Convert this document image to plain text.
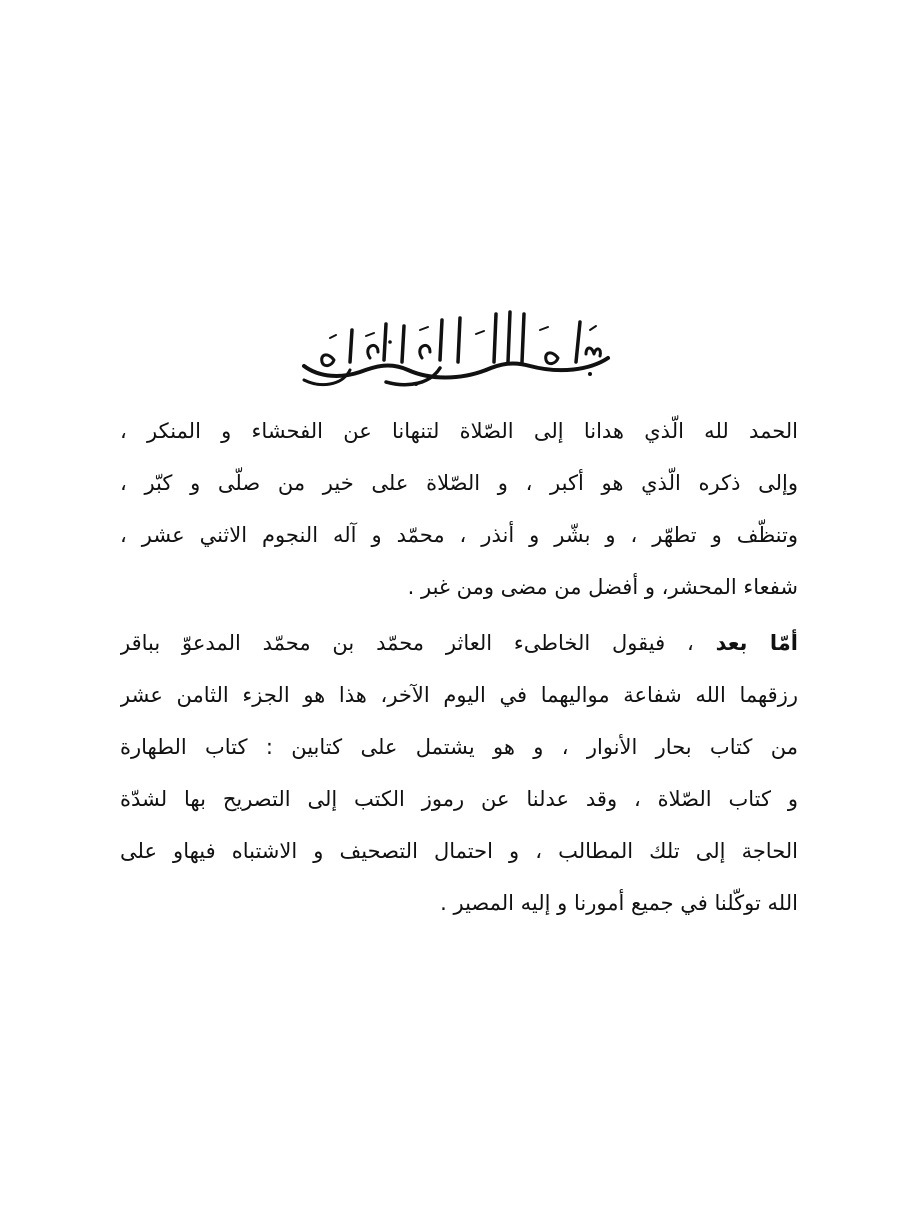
الحمد لله الّذي هدانا إلى الصّلاة لتنهانا عن الفحشاء و المنكر ،
وإلى ذكره الّذي هو أكبر ، و الصّلاة على خير من صلّى و كبّر ،
وتنظّف و تطهّر ، و بشّر و أنذر ، محمّد و آله النجوم الاثني عشر ،
شفعاء المحشر، و أفضل من مضى ومن غبر .
أمّا بعد ، فيقول الخاطىء العاثر محمّد بن محمّد المدعوّ بباقر
رزقهما الله شفاعة مواليهما في اليوم الآخر، هذا هو الجزء الثامن عشر
من كتاب بحار الأنوار ، و هو يشتمل على كتابين : كتاب الطهارة
و كتاب الصّلاة ، وقد عدلنا عن رموز الكتب إلى التصريح بها لشدّة
الحاجة إلى تلك المطالب ، و احتمال التصحيف و الاشتباه فيهاو على
الله توكّلنا في جميع أمورنا و إليه المصير .
